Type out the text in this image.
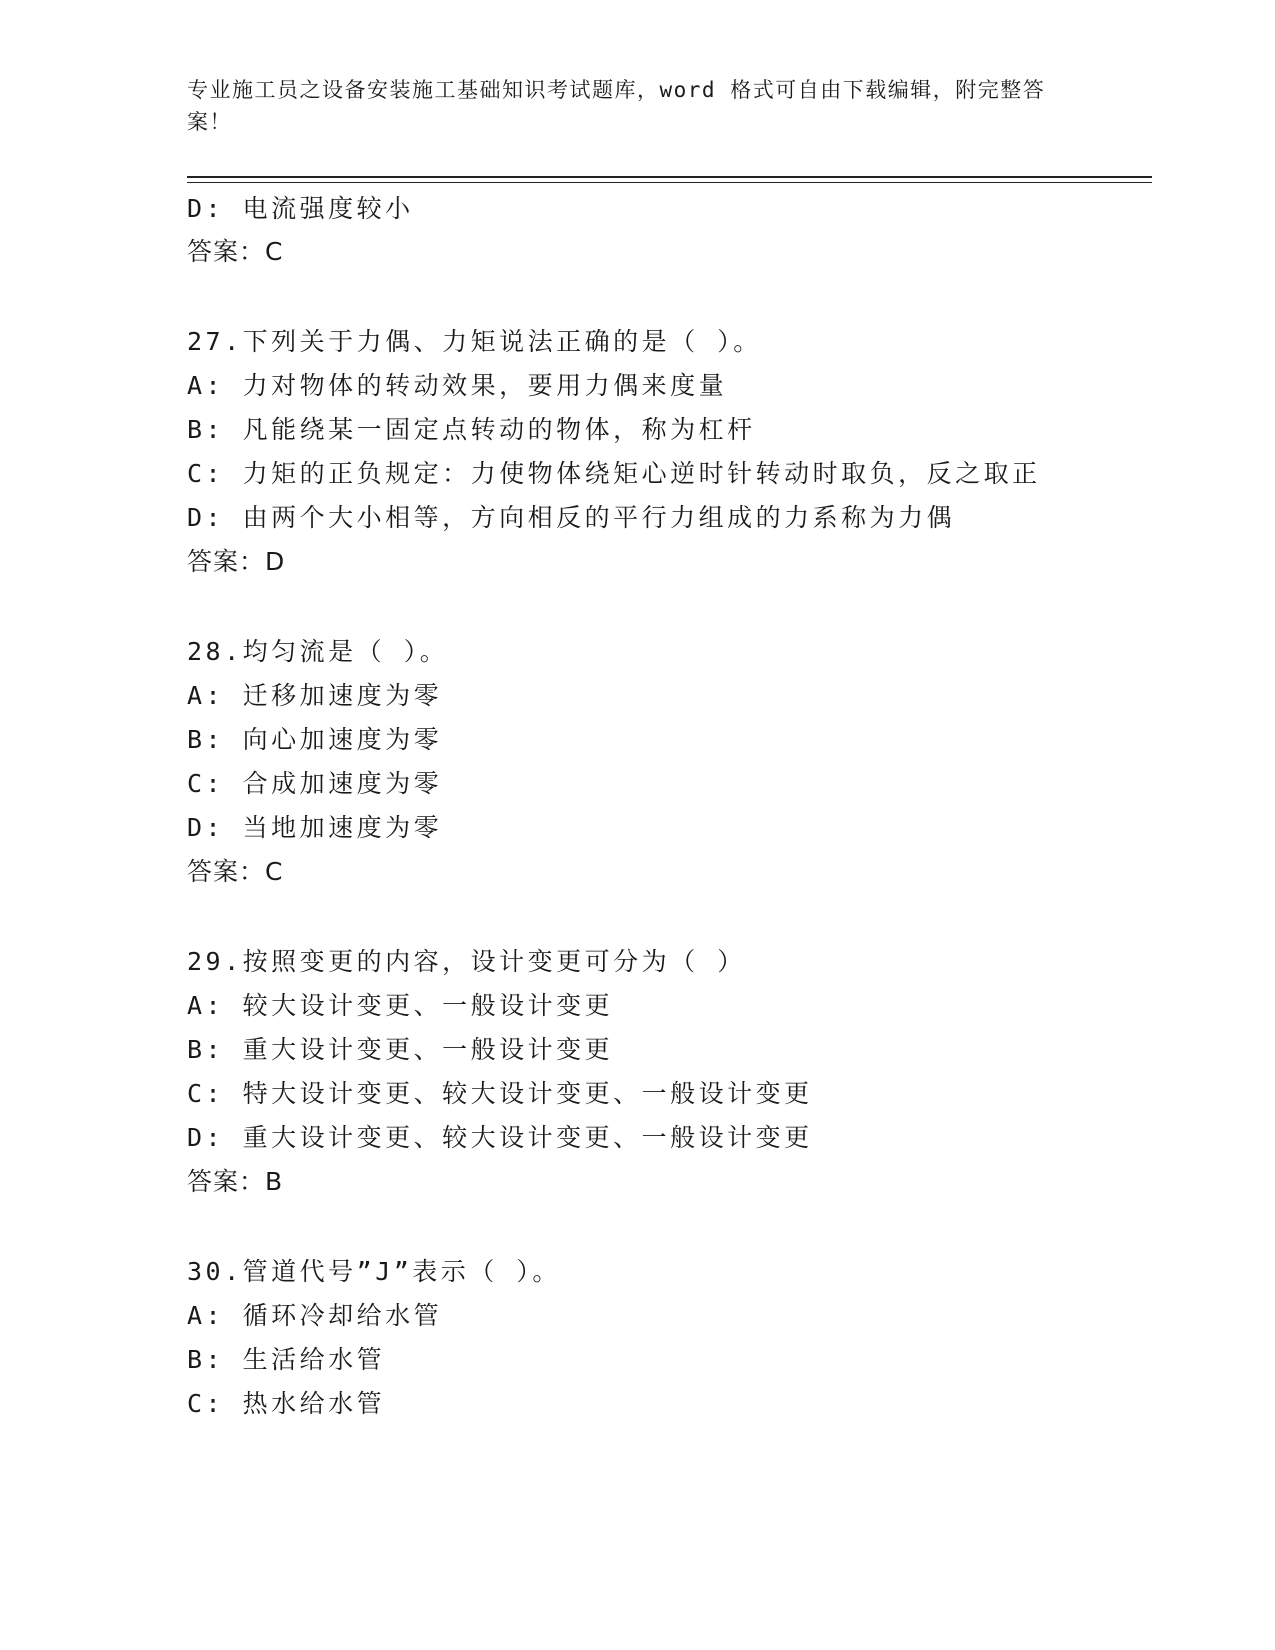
专业施工员之设备安装施工基础知识考试题库，word 格式可自由下载编辑，附完整答案！
D: 电流强度较小
答案：C
27.下列关于力偶、力矩说法正确的是（ ）。
A: 力对物体的转动效果，要用力偶来度量
B: 凡能绕某一固定点转动的物体，称为杠杆
C: 力矩的正负规定：力使物体绕矩心逆时针转动时取负，反之取正
D: 由两个大小相等，方向相反的平行力组成的力系称为力偶
答案：D
28.均匀流是（ ）。
A: 迁移加速度为零
B: 向心加速度为零
C: 合成加速度为零
D: 当地加速度为零
答案：C
29.按照变更的内容，设计变更可分为（ ）
A: 较大设计变更、一般设计变更
B: 重大设计变更、一般设计变更
C: 特大设计变更、较大设计变更、一般设计变更
D: 重大设计变更、较大设计变更、一般设计变更
答案：B
30.管道代号”J”表示（ ）。
A: 循环冷却给水管
B: 生活给水管
C: 热水给水管
